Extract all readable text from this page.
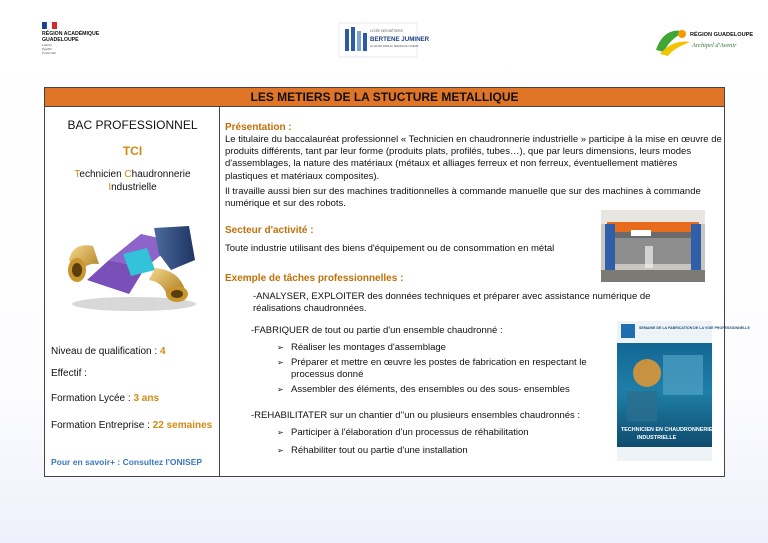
RÉGION ACADÉMIQUE
GUADELOUPE
Liberté
Égalité
Fraternité
LYCÉE DES MÉTIERS
BERTENE JUMINER
LE SAVOIR-FAIRE AU SERVICE DE L'AVENIR
RÉGION GUADELOUPE
Archipel d'Avenir
LES METIERS DE LA STUCTURE METALLIQUE
BAC PROFESSIONNEL
TCI
Technicien Chaudronnerie
Industrielle
Niveau de qualification : 4
Effectif :
Formation Lycée : 3 ans
Formation Entreprise : 22 semaines
Pour en savoir+ : Consultez l'ONISEP
Présentation :
Le titulaire du baccalauréat professionnel « Technicien en chaudronnerie industrielle » participe à la mise en œuvre de produits différents, tant par leur forme (produits plats, profilés, tubes…), que par leurs dimensions, leurs modes d'assemblages, la nature des matériaux (métaux et alliages ferreux et non ferreux, éventuellement matières plastiques et matériaux composites).
Il travaille aussi bien sur des machines traditionnelles à commande manuelle que sur des machines à commande numérique et sur des robots.
Secteur d'activité :
Toute industrie utilisant des biens d'équipement ou de consommation en métal
Exemple de tâches professionnelles :
-ANALYSER, EXPLOITER des données techniques et préparer avec assistance numérique de réalisations chaudronnées.
-FABRIQUER de tout ou partie d'un ensemble chaudronné :
➢ Réaliser les montages d'assemblage
➢ Préparer et mettre en œuvre les postes de fabrication en respectant le
processus donné
➢ Assembler des éléments, des ensembles ou des sous- ensembles
-REHABILITATER sur un chantier d''un ou plusieurs ensembles chaudronnés :
➢ Participer à l'élaboration d'un processus de réhabilitation
➢ Réhabiliter tout ou partie d'une installation
SEMAINE DE LA FABRICATION DE LA VOIE PROFESSIONNELLE
TECHNICIEN EN CHAUDRONNERIE
INDUSTRIELLE
